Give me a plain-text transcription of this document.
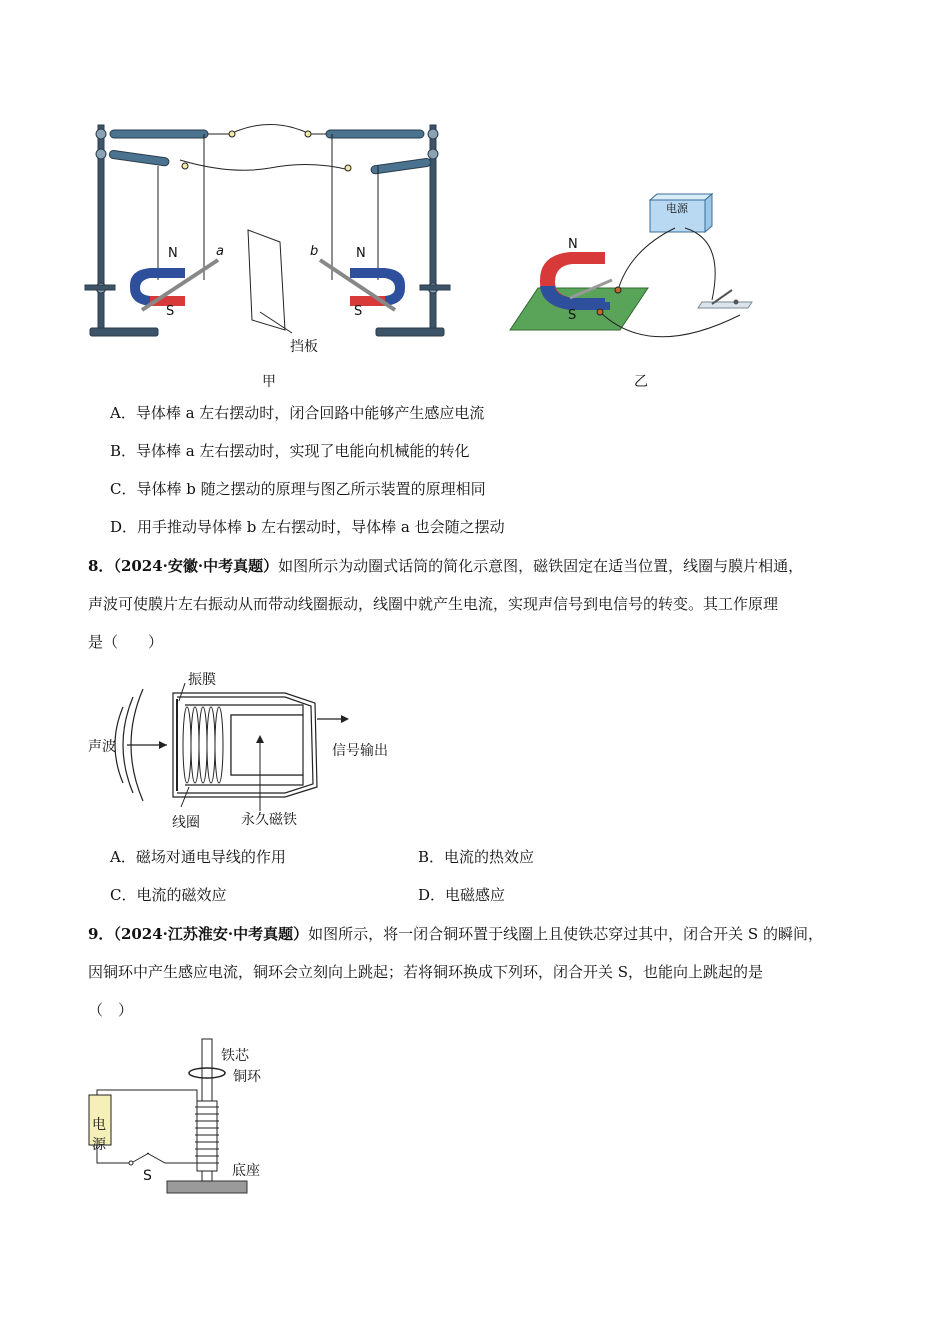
N
S
N
S
a	b
挡板
甲
电源
N
S
乙
A．导体棒 a 左右摆动时，闭合回路中能够产生感应电流
B．导体棒 a 左右摆动时，实现了电能向机械能的转化
C．导体棒 b 随之摆动的原理与图乙所示装置的原理相同
D．用手推动导体棒 b 左右摆动时，导体棒 a 也会随之摆动
8．（2024·安徽·中考真题）如图所示为动圈式话筒的简化示意图，磁铁固定在适当位置，线圈与膜片相通，
声波可使膜片左右振动从而带动线圈振动，线圈中就产生电流，实现声信号到电信号的转变。其工作原理
是（　　）
振膜
声波	信号输出
线圈	永久磁铁
A．磁场对通电导线的作用	B．电流的热效应
C．电流的磁效应	D．电磁感应
9．（2024·江苏淮安·中考真题）如图所示，将一闭合铜环置于线圈上且使铁芯穿过其中，闭合开关 S 的瞬间，
因铜环中产生感应电流，铜环会立刻向上跳起；若将铜环换成下列环，闭合开关 S，也能向上跳起的是
（　）
铁芯
铜环
电
源
S	底座
